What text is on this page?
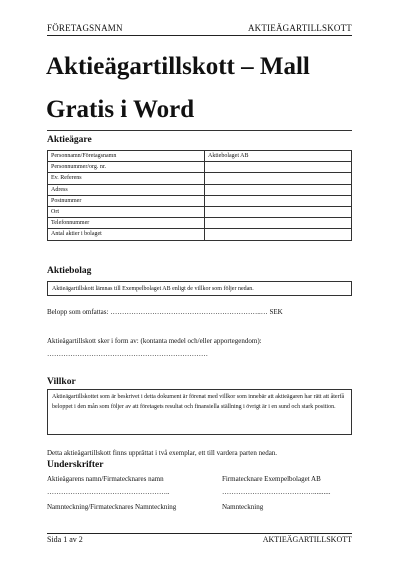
FÖRETAGSNAMN	AKTIEÄGARTILLSKOTT
Aktieägartillskott – Mall
Gratis i Word
Aktieägare
Personnamn/Företagsnamn	Aktiebolaget AB
Personnummer/org. nr.	
Ev. Referens	
Adress	
Postnummer	
Ort	
Telefonnummer	
Antal aktier i bolaget	
Aktiebolag
Aktieägartillskott lämnas till Exempelbolaget AB enligt de villkor som följer nedan.
Belopp som omfattas: ………………………………………………………..… SEK
Aktieägartillskott sker i form av: (kontanta medel och/eller apportegendom):
……………………………………………………………
Villkor
Aktieägartillskottet som är beskrivet i detta dokument är förenat med villkor som innebär att aktieägaren har rätt att återfå beloppet i den mån som följer av att företagets resultat och finansiella ställning i övrigt är i en sund och stark position.
Detta aktieägartillskott finns upprättat i två exemplar, ett till vardera parten nedan.
Underskrifter
Aktieägarens namn/Firmatecknares namn	Firmatecknare Exempelbolaget AB
……………………………………………..	…………………………………..........
Namnteckning/Firmatecknares Namnteckning	Namnteckning
Sida 1 av 2	AKTIEÄGARTILLSKOTT
